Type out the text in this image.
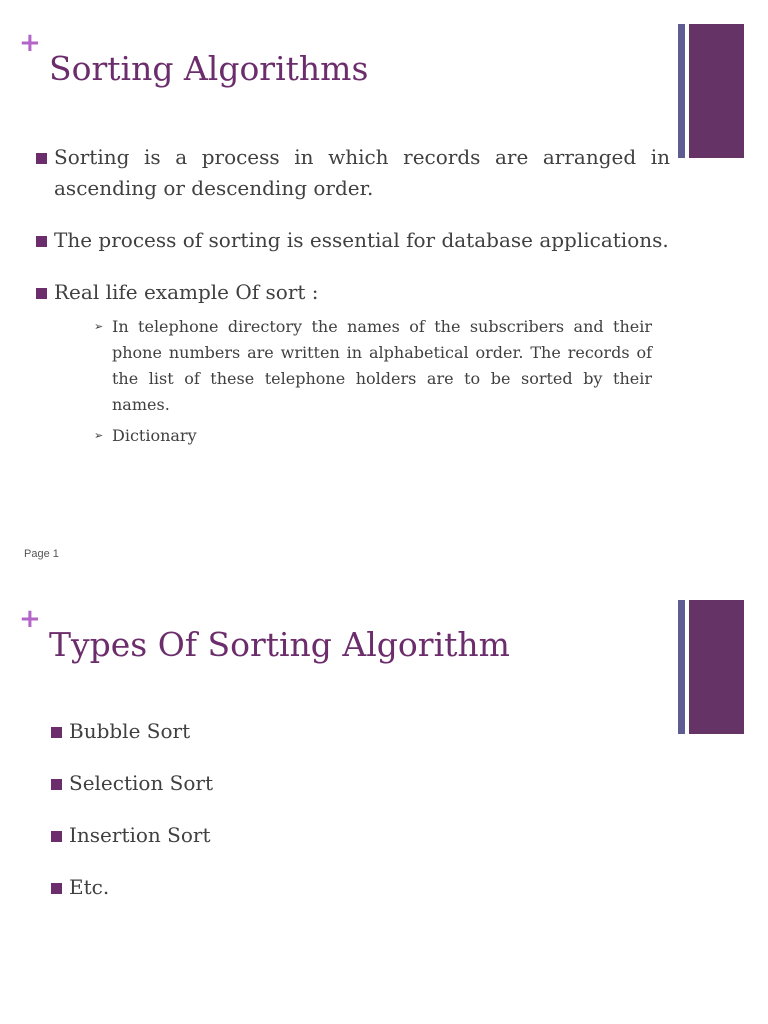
+
Sorting Algorithms
Sorting is a process in which records are arranged in ascending or descending order.
The process of sorting is essential for database applications.
Real life example Of sort :
➢ In telephone directory the names of the subscribers and their phone numbers are written in alphabetical order. The records of the list of these telephone holders are to be sorted by their names.
➢ Dictionary
Page 1
+
Types Of Sorting Algorithm
Bubble Sort
Selection Sort
Insertion Sort
Etc.
